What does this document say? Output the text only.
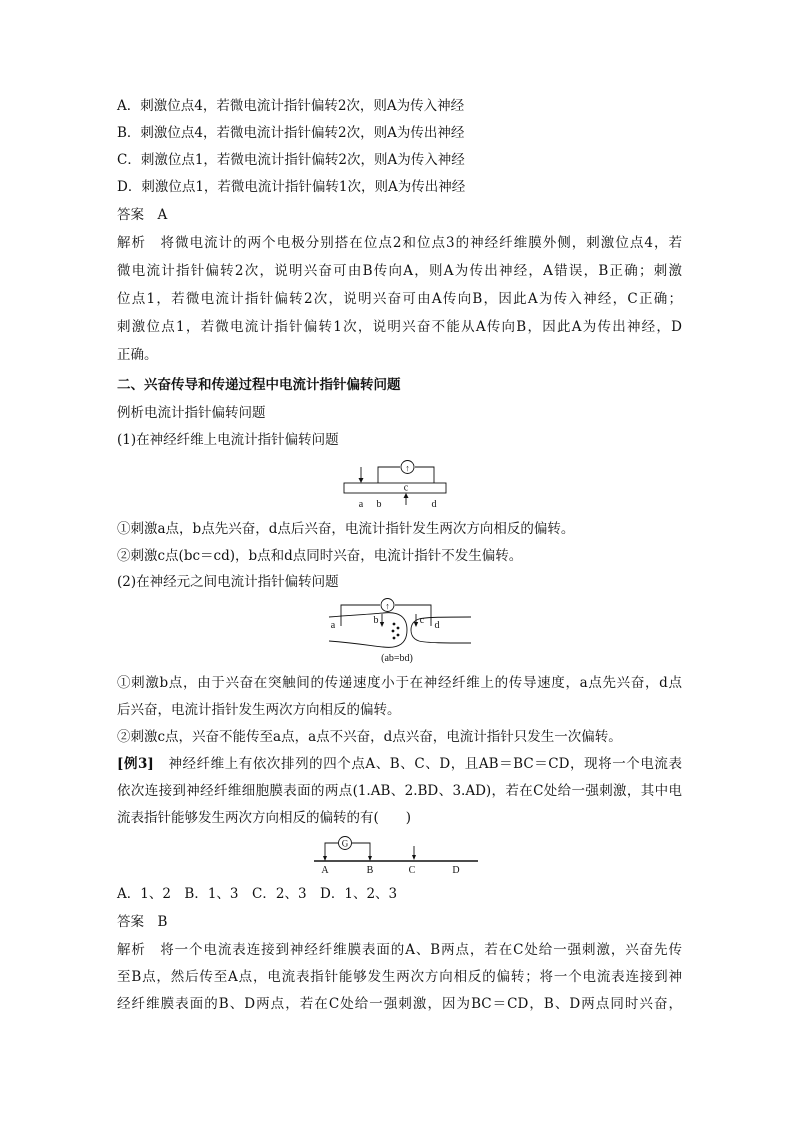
A．刺激位点4，若微电流计指针偏转2次，则A为传入神经
B．刺激位点4，若微电流计指针偏转2次，则A为传出神经
C．刺激位点1，若微电流计指针偏转2次，则A为传入神经
D．刺激位点1，若微电流计指针偏转1次，则A为传出神经
答案　A
解析　将微电流计的两个电极分别搭在位点2和位点3的神经纤维膜外侧，刺激位点4，若
微电流计指针偏转2次，说明兴奋可由B传向A，则A为传出神经，A错误，B正确；刺激
位点1，若微电流计指针偏转2次，说明兴奋可由A传向B，因此A为传入神经，C正确；
刺激位点1，若微电流计指针偏转1次，说明兴奋不能从A传向B，因此A为传出神经，D
正确。
二、兴奋传导和传递过程中电流计指针偏转问题
例析电流计指针偏转问题
(1)在神经纤维上电流计指针偏转问题
↑
a b
c
d
①刺激a点，b点先兴奋，d点后兴奋，电流计指针发生两次方向相反的偏转。
②刺激c点(bc＝cd)，b点和d点同时兴奋，电流计指针不发生偏转。
(2)在神经元之间电流计指针偏转问题
↑
a	b	c d
(ab=bd)
①刺激b点，由于兴奋在突触间的传递速度小于在神经纤维上的传导速度，a点先兴奋，d点
后兴奋，电流计指针发生两次方向相反的偏转。
②刺激c点，兴奋不能传至a点，a点不兴奋，d点兴奋，电流计指针只发生一次偏转。
[例3]　神经纤维上有依次排列的四个点A、B、C、D，且AB＝BC＝CD，现将一个电流表
依次连接到神经纤维细胞膜表面的两点(1.AB、2.BD、3.AD)，若在C处给一强刺激，其中电
流表指针能够发生两次方向相反的偏转的有(　　)
G
A	B	C	D
A．1、2　B．1、3　C．2、3　D．1、2、3
答案　B
解析　将一个电流表连接到神经纤维膜表面的A、B两点，若在C处给一强刺激，兴奋先传
至B点，然后传至A点，电流表指针能够发生两次方向相反的偏转；将一个电流表连接到神
经纤维膜表面的B、D两点，若在C处给一强刺激，因为BC＝CD，B、D两点同时兴奋，
